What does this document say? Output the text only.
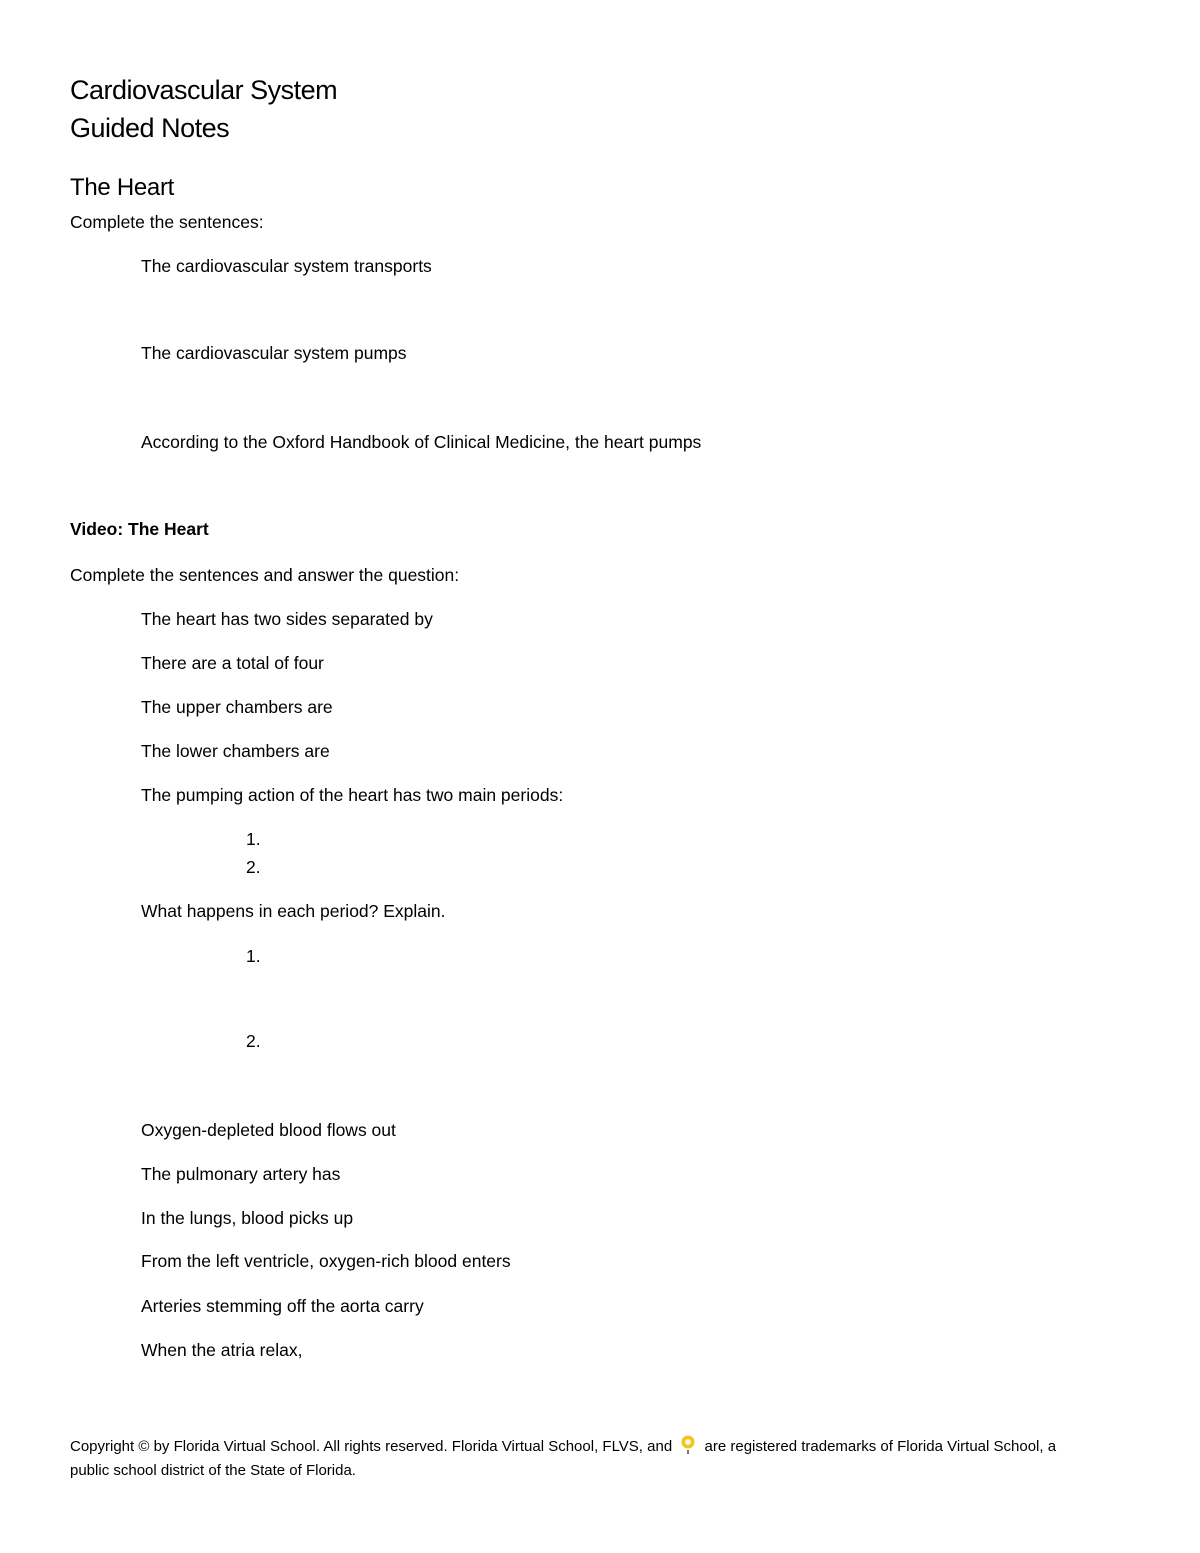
Cardiovascular System
Guided Notes
The Heart
Complete the sentences:
The cardiovascular system transports
The cardiovascular system pumps
According to the Oxford Handbook of Clinical Medicine, the heart pumps
Video: The Heart
Complete the sentences and answer the question:
The heart has two sides separated by
There are a total of four
The upper chambers are
The lower chambers are
The pumping action of the heart has two main periods:
1.
2.
What happens in each period? Explain.
1.
2.
Oxygen-depleted blood flows out
The pulmonary artery has
In the lungs, blood picks up
From the left ventricle, oxygen-rich blood enters
Arteries stemming off the aorta carry
When the atria relax,
Copyright © by Florida Virtual School. All rights reserved. Florida Virtual School, FLVS, and are registered trademarks of Florida Virtual School, a
public school district of the State of Florida.
